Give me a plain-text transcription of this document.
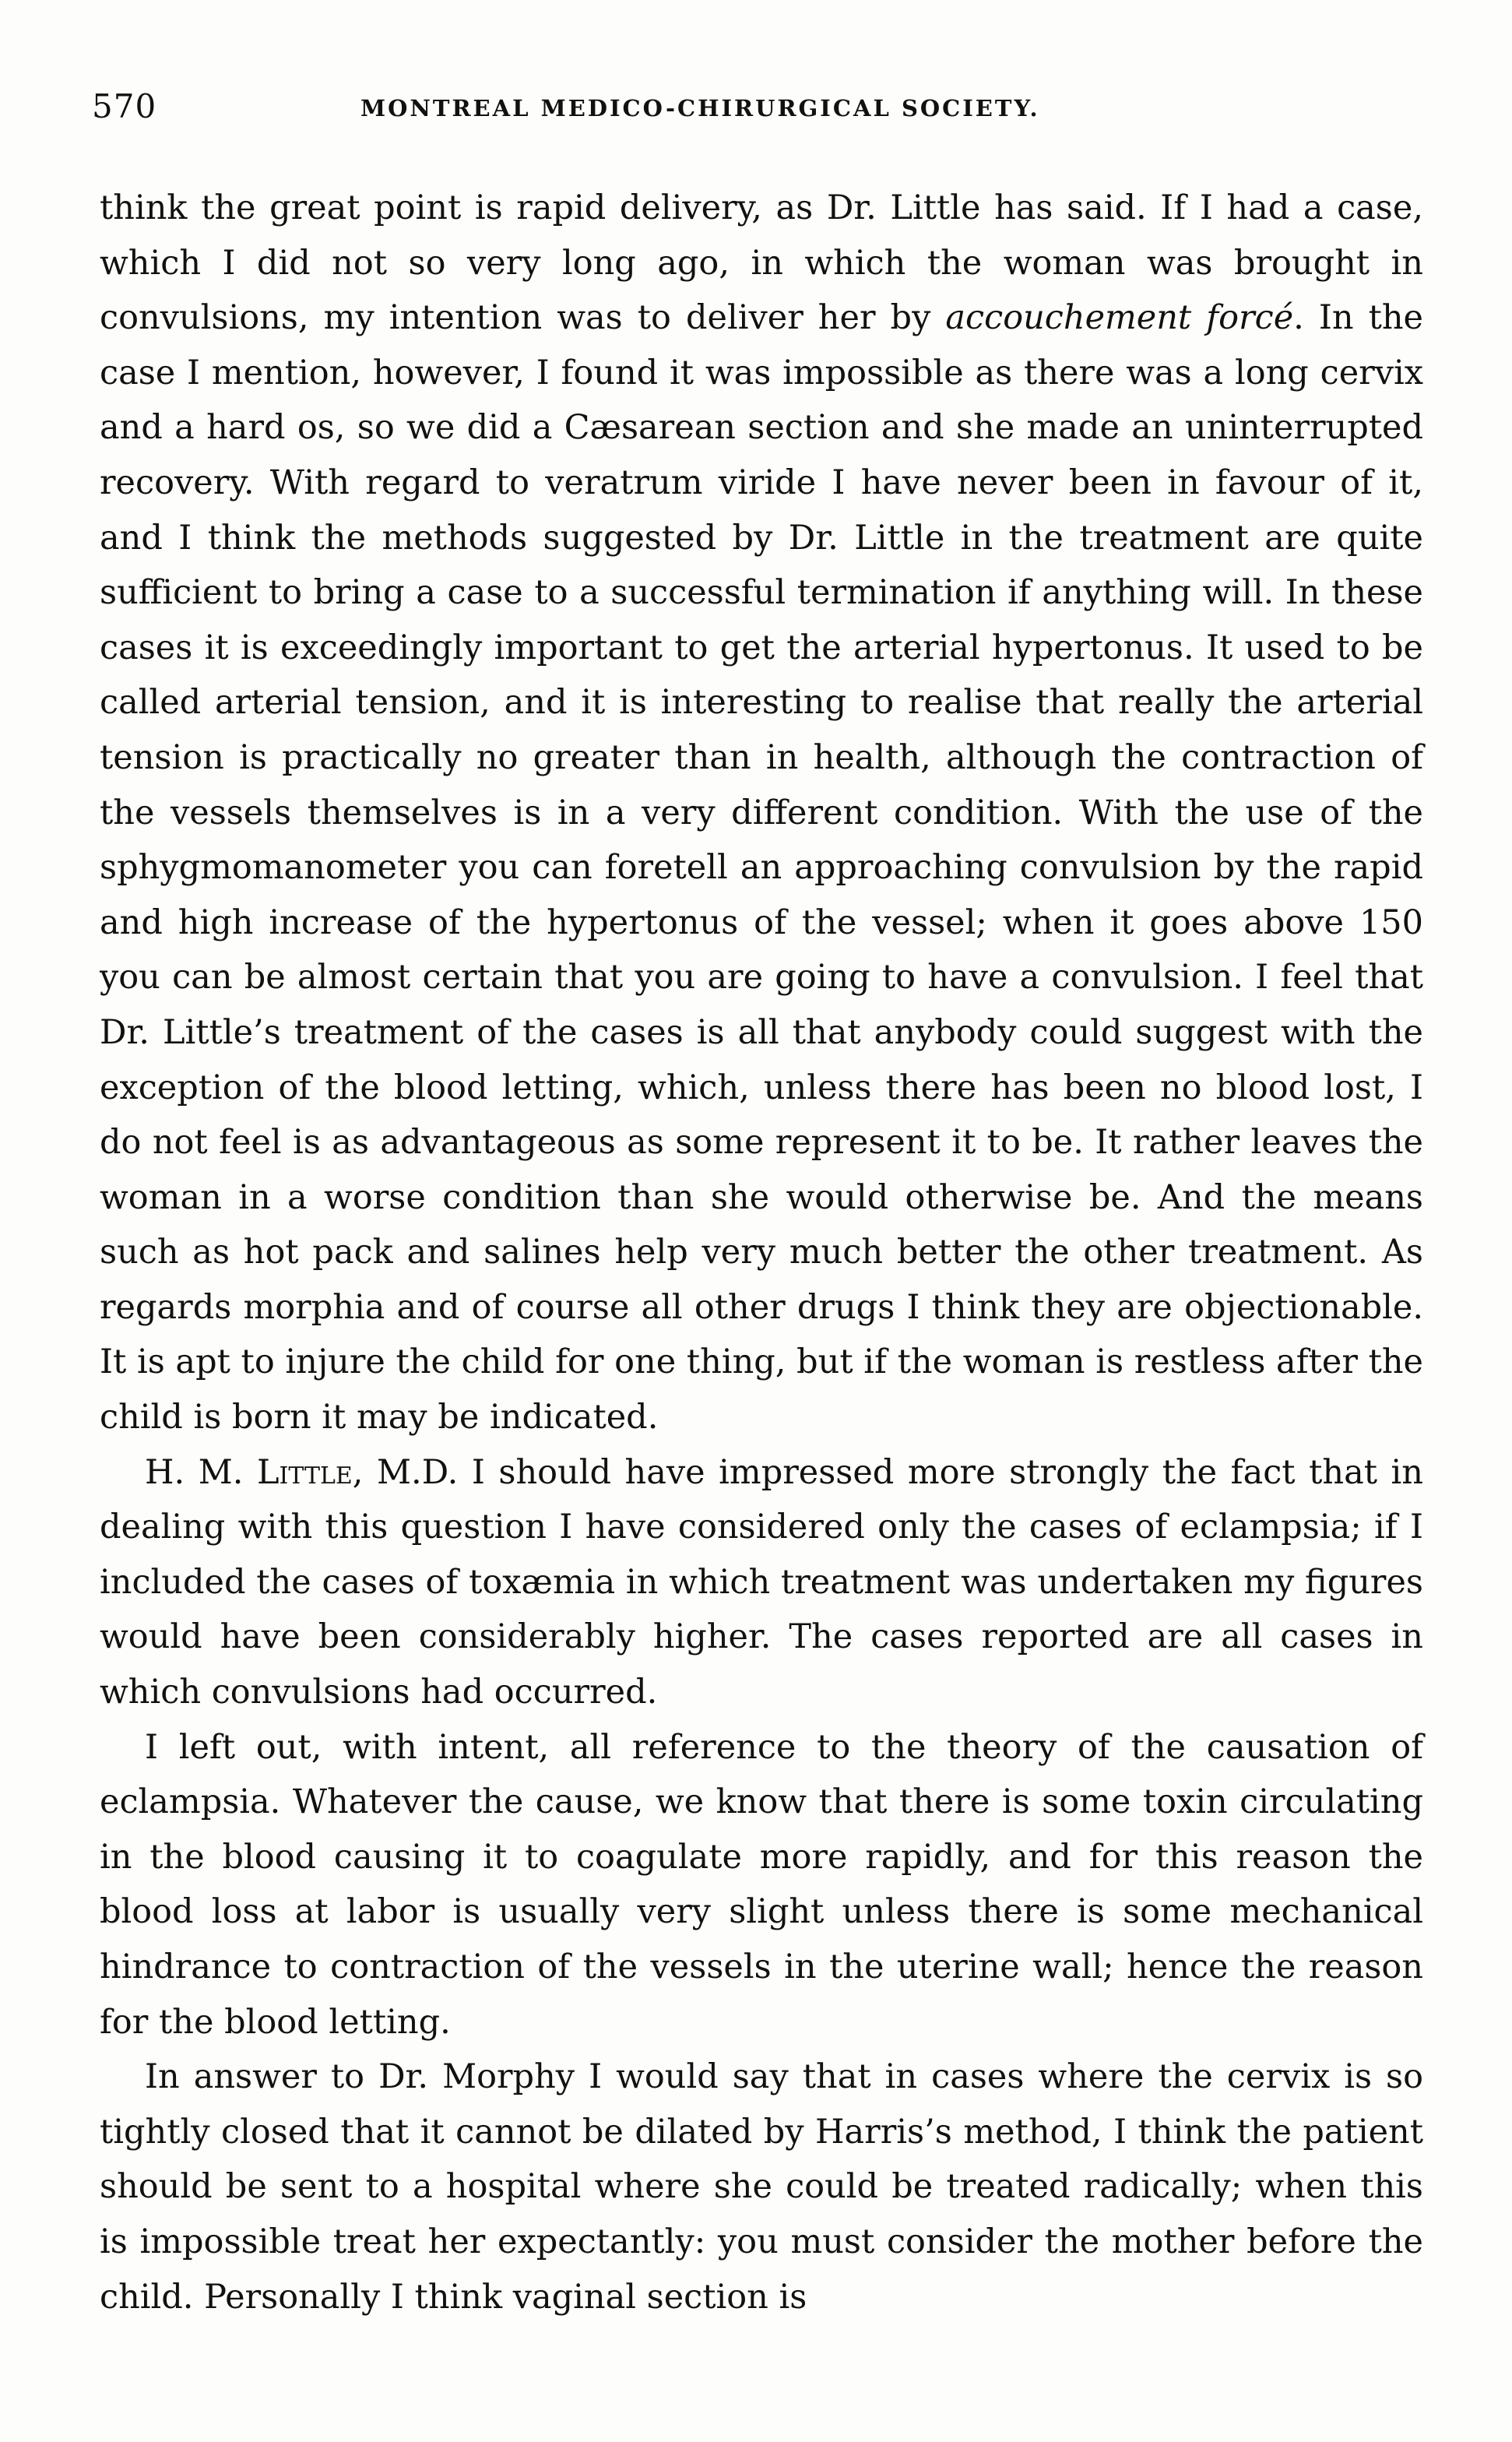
570	MONTREAL MEDICO-CHIRURGICAL SOCIETY.

think the great point is rapid delivery, as Dr. Little has said. If I had a case, which I did not so very long ago, in which the woman was brought in convulsions, my intention was to deliver her by accouchement forcé. In the case I mention, however, I found it was impossible as there was a long cervix and a hard os, so we did a Cæsarean section and she made an uninterrupted recovery. With regard to veratrum viride I have never been in favour of it, and I think the methods suggested by Dr. Little in the treatment are quite sufficient to bring a case to a successful termination if anything will. In these cases it is exceedingly important to get the arterial hypertonus. It used to be called arterial tension, and it is interesting to realise that really the arterial tension is practically no greater than in health, although the contraction of the vessels themselves is in a very different condition. With the use of the sphygmomanometer you can foretell an approaching convulsion by the rapid and high increase of the hypertonus of the vessel; when it goes above 150 you can be almost certain that you are going to have a convulsion. I feel that Dr. Little’s treatment of the cases is all that anybody could suggest with the exception of the blood letting, which, unless there has been no blood lost, I do not feel is as advantageous as some represent it to be. It rather leaves the woman in a worse condition than she would otherwise be. And the means such as hot pack and salines help very much better the other treatment. As regards morphia and of course all other drugs I think they are objectionable. It is apt to injure the child for one thing, but if the woman is restless after the child is born it may be indicated.

H. M. Little, M.D. I should have impressed more strongly the fact that in dealing with this question I have considered only the cases of eclampsia; if I included the cases of toxæmia in which treatment was undertaken my figures would have been considerably higher. The cases reported are all cases in which convulsions had occurred.

I left out, with intent, all reference to the theory of the causation of eclampsia. Whatever the cause, we know that there is some toxin circulating in the blood causing it to coagulate more rapidly, and for this reason the blood loss at labor is usually very slight unless there is some mechanical hindrance to contraction of the vessels in the uterine wall; hence the reason for the blood letting.

In answer to Dr. Morphy I would say that in cases where the cervix is so tightly closed that it cannot be dilated by Harris’s method, I think the patient should be sent to a hospital where she could be treated radically; when this is impossible treat her expectantly: you must consider the mother before the child. Personally I think vaginal section is
